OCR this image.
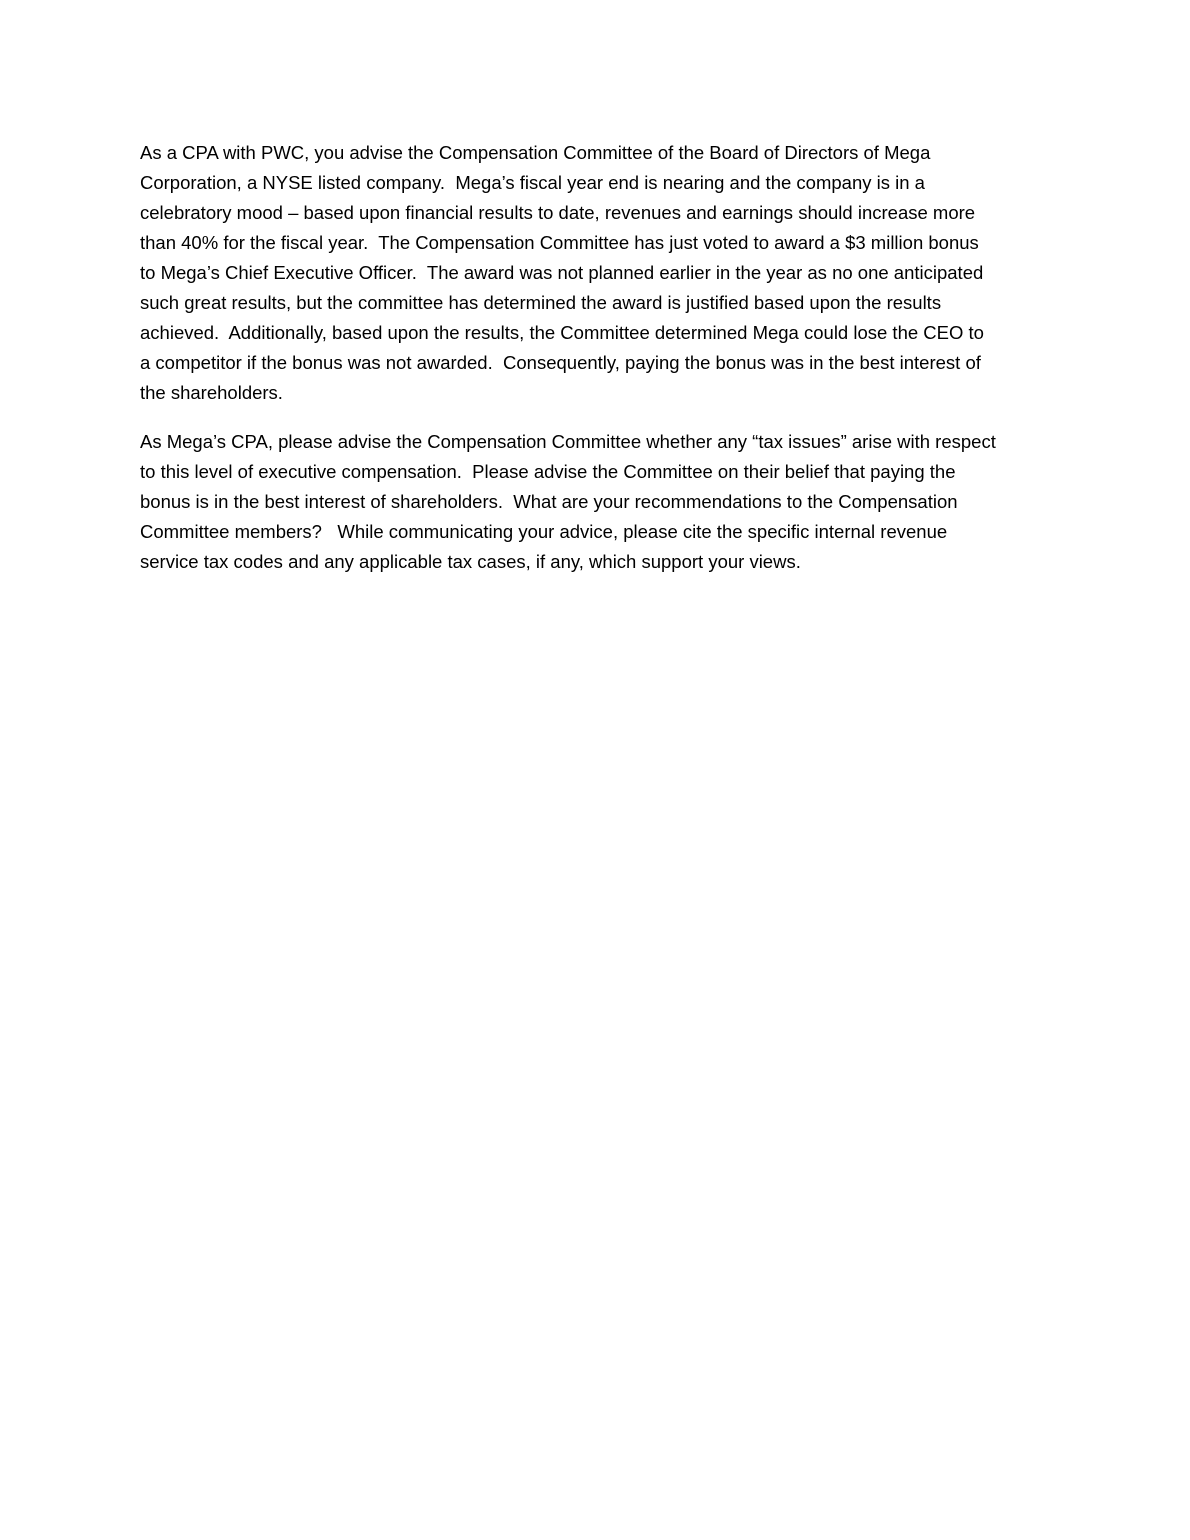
As a CPA with PWC, you advise the Compensation Committee of the Board of Directors of Mega
Corporation, a NYSE listed company.  Mega’s fiscal year end is nearing and the company is in a
celebratory mood – based upon financial results to date, revenues and earnings should increase more
than 40% for the fiscal year.  The Compensation Committee has just voted to award a $3 million bonus
to Mega’s Chief Executive Officer.  The award was not planned earlier in the year as no one anticipated
such great results, but the committee has determined the award is justified based upon the results
achieved.  Additionally, based upon the results, the Committee determined Mega could lose the CEO to
a competitor if the bonus was not awarded.  Consequently, paying the bonus was in the best interest of
the shareholders.
As Mega’s CPA, please advise the Compensation Committee whether any “tax issues” arise with respect
to this level of executive compensation.  Please advise the Committee on their belief that paying the
bonus is in the best interest of shareholders.  What are your recommendations to the Compensation
Committee members?   While communicating your advice, please cite the specific internal revenue
service tax codes and any applicable tax cases, if any, which support your views.
